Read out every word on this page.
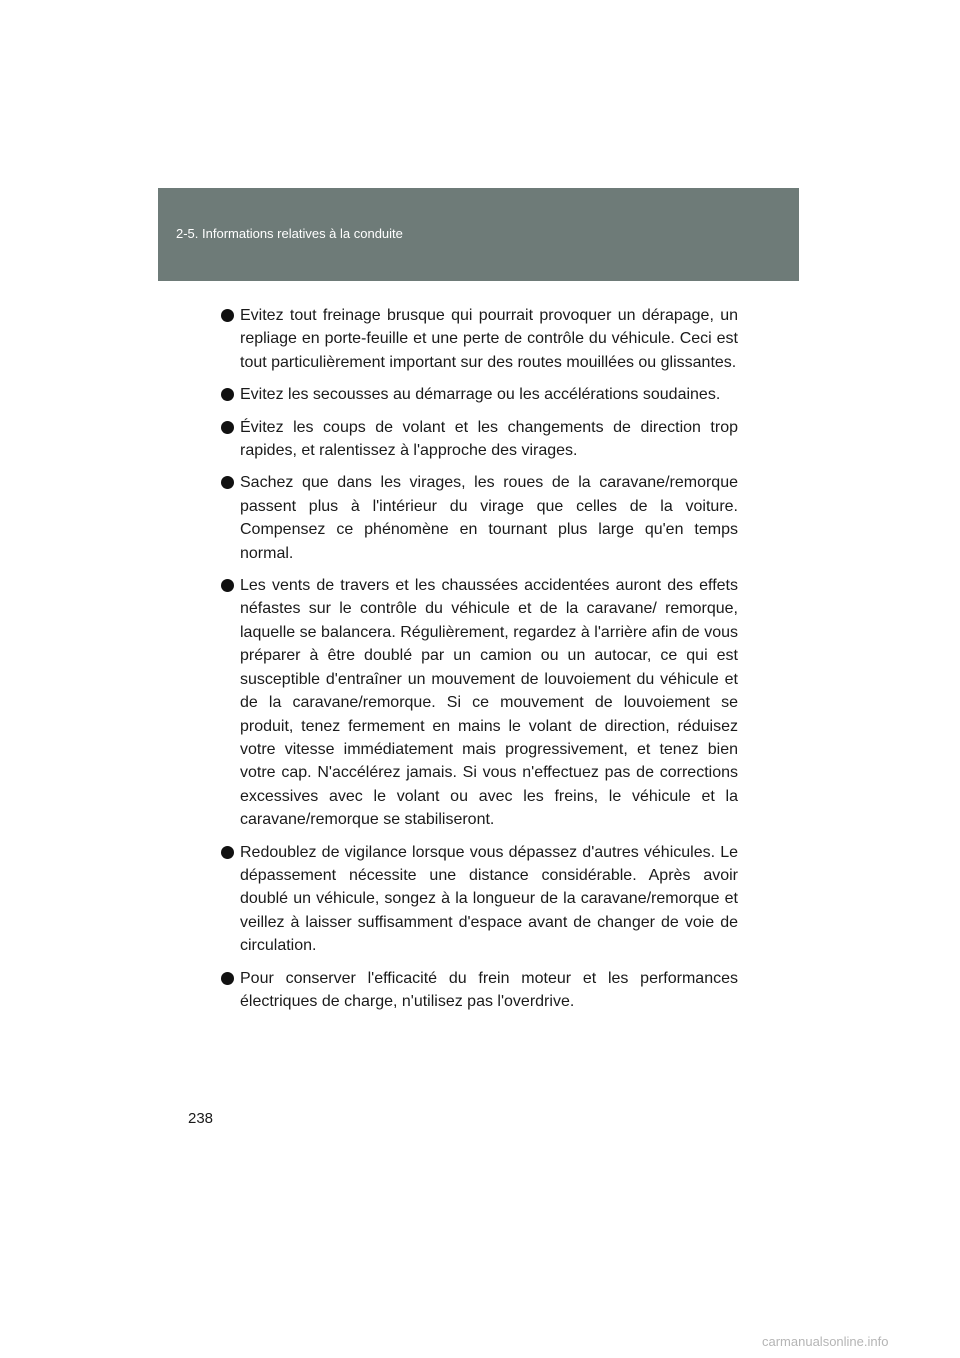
2-5. Informations relatives à la conduite
Evitez tout freinage brusque qui pourrait provoquer un dérapage, un repliage en porte-feuille et une perte de contrôle du véhicule. Ceci est tout particulièrement important sur des routes mouillées ou glissantes.
Evitez les secousses au démarrage ou les accélérations soudaines.
Évitez les coups de volant et les changements de direction trop rapides, et ralentissez à l'approche des virages.
Sachez que dans les virages, les roues de la caravane/remorque passent plus à l'intérieur du virage que celles de la voiture. Compensez ce phénomène en tournant plus large qu'en temps normal.
Les vents de travers et les chaussées accidentées auront des effets néfastes sur le contrôle du véhicule et de la caravane/ remorque, laquelle se balancera. Régulièrement, regardez à l'arrière afin de vous préparer à être doublé par un camion ou un autocar, ce qui est susceptible d'entraîner un mouvement de louvoiement du véhicule et de la caravane/remorque. Si ce mouvement de louvoiement se produit, tenez fermement en mains le volant de direction, réduisez votre vitesse immédiatement mais progressivement, et tenez bien votre cap. N'accélérez jamais. Si vous n'effectuez pas de corrections excessives avec le volant ou avec les freins, le véhicule et la caravane/remorque se stabiliseront.
Redoublez de vigilance lorsque vous dépassez d'autres véhicules. Le dépassement nécessite une distance considérable. Après avoir doublé un véhicule, songez à la longueur de la caravane/remorque et veillez à laisser suffisamment d'espace avant de changer de voie de circulation.
Pour conserver l'efficacité du frein moteur et les performances électriques de charge, n'utilisez pas l'overdrive.
238
carmanualsonline.info
